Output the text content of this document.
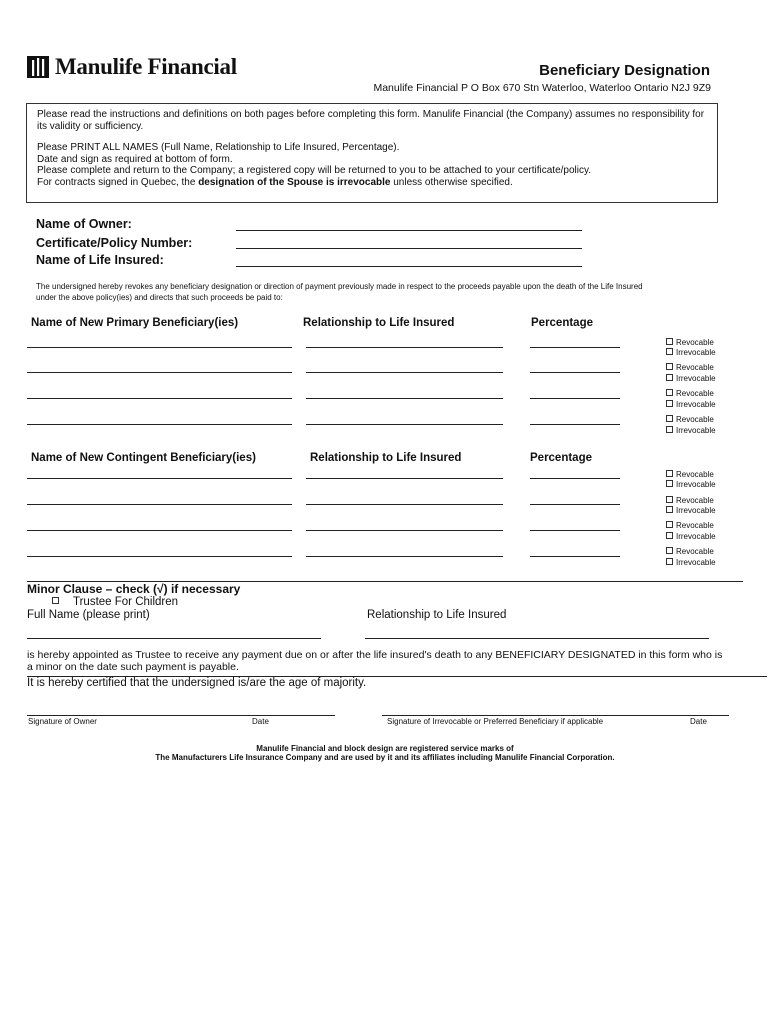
Manulife Financial	Beneficiary Designation
Manulife Financial P O Box 670 Stn Waterloo, Waterloo Ontario N2J 9Z9

Please read the instructions and definitions on both pages before completing this form. Manulife Financial (the Company) assumes no responsibility for its validity or sufficiency.

Please PRINT ALL NAMES (Full Name, Relationship to Life Insured, Percentage).

Date and sign as required at bottom of form.

Please complete and return to the Company; a registered copy will be returned to you to be attached to your certificate/policy.

For contracts signed in Quebec, the designation of the Spouse is irrevocable unless otherwise specified.

Name of Owner:
Certificate/Policy Number:
Name of Life Insured:
The undersigned hereby revokes any beneficiary designation or direction of payment previously made in respect to the proceeds payable upon the death of the Life Insured under the above policy(ies) and directs that such proceeds be paid to:
Name of New Primary Beneficiary(ies)	Relationship to Life Insured	Percentage
Revocable
Irrevocable
Revocable
Irrevocable
Revocable
Irrevocable
Revocable
Irrevocable
Name of New Contingent Beneficiary(ies)	Relationship to Life Insured	Percentage
Revocable
Irrevocable
Revocable
Irrevocable
Revocable
Irrevocable
Revocable
Irrevocable
Minor Clause – check (√) if necessary
Trustee For Children
Full Name (please print)	Relationship to Life Insured
is hereby appointed as Trustee to receive any payment due on or after the life insured's death to any BENEFICIARY DESIGNATED in this form who is a minor on the date such payment is payable.
It is hereby certified that the undersigned is/are the age of majority.
Signature of Owner	Date	Signature of Irrevocable or Preferred Beneficiary if applicable	Date
Manulife Financial and block design are registered service marks of
The Manufacturers Life Insurance Company and are used by it and its affiliates including Manulife Financial Corporation.
